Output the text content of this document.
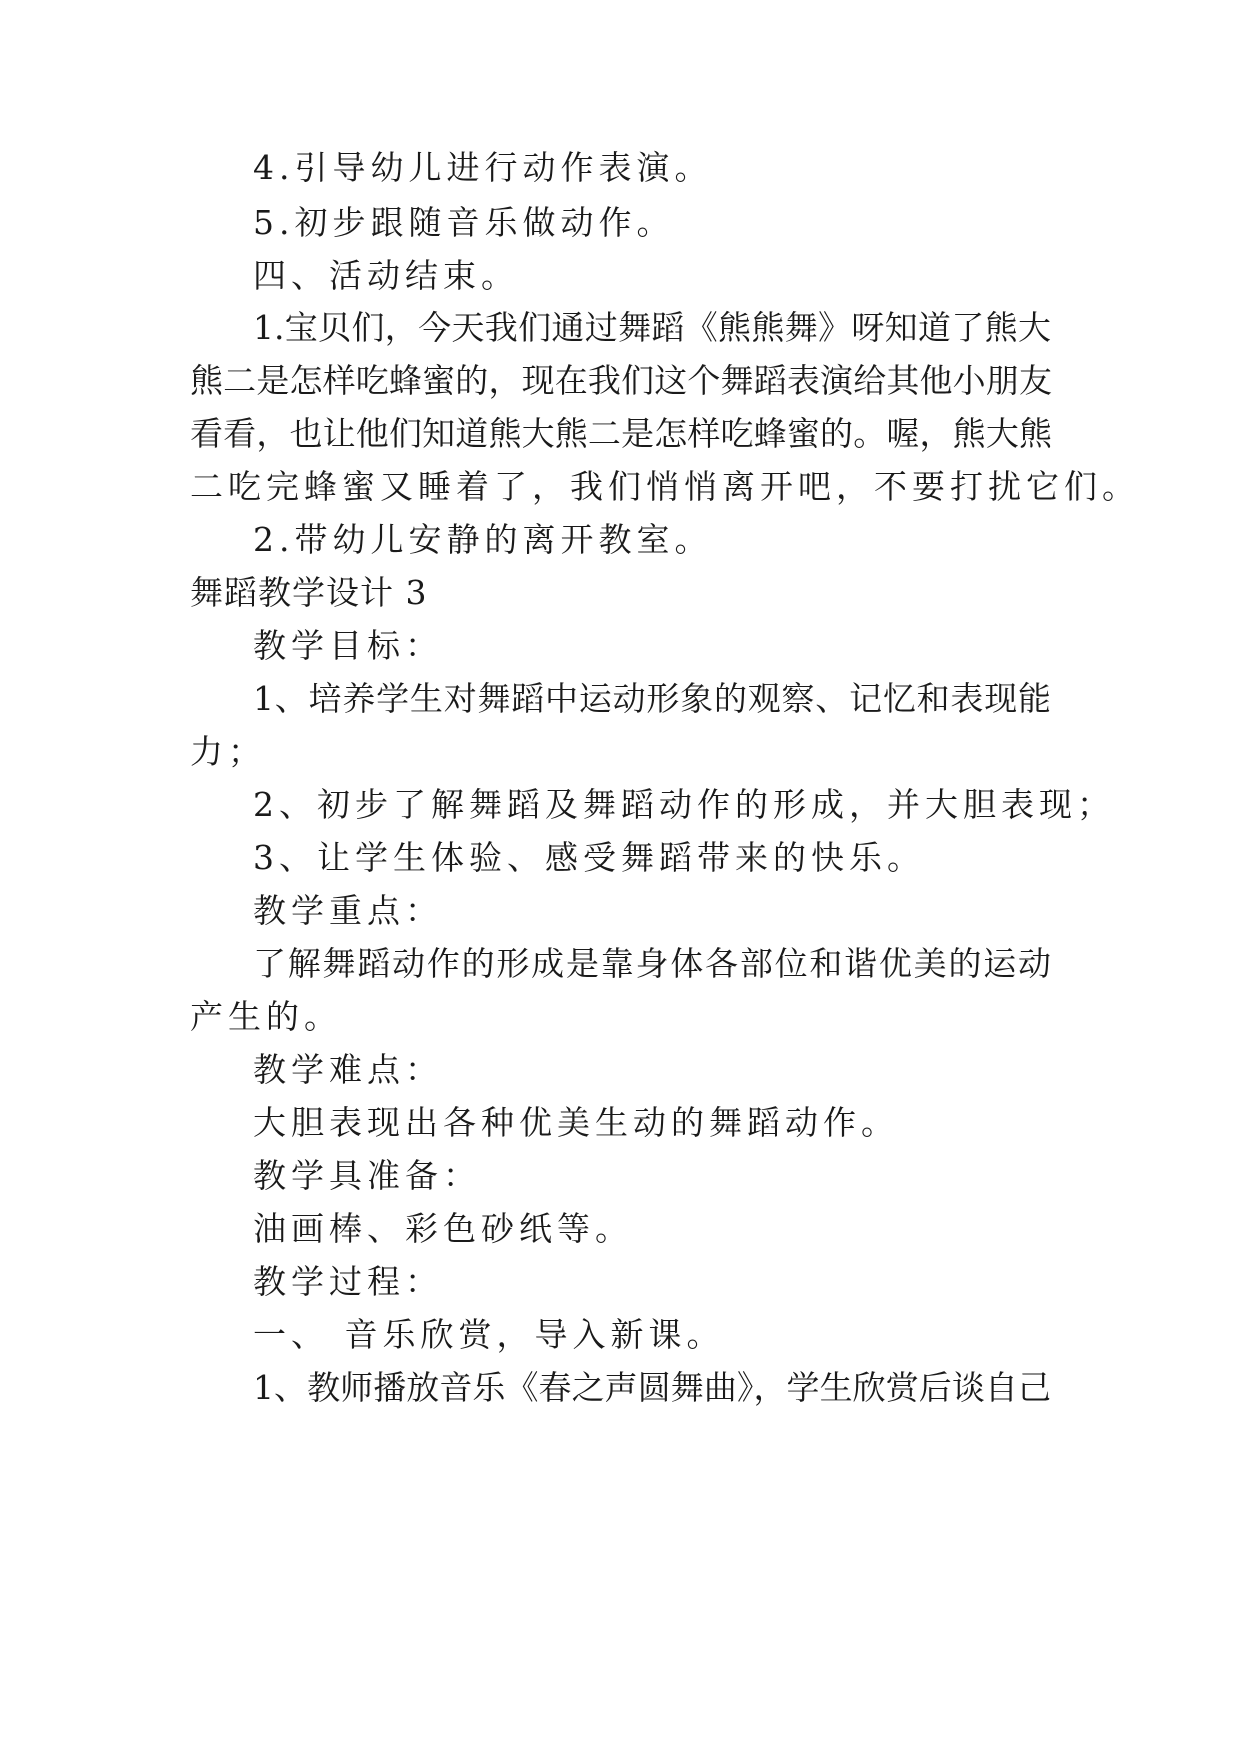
4.引导幼儿进行动作表演。

5.初步跟随音乐做动作。

四、活动结束。

1.宝贝们，今天我们通过舞蹈《熊熊舞》呀知道了熊大

熊二是怎样吃蜂蜜的，现在我们这个舞蹈表演给其他小朋友

看看，也让他们知道熊大熊二是怎样吃蜂蜜的。喔，熊大熊

二吃完蜂蜜又睡着了，我们悄悄离开吧，不要打扰它们。

2.带幼儿安静的离开教室。

舞蹈教学设计 3

教学目标：

1、培养学生对舞蹈中运动形象的观察、记忆和表现能

力；

2、初步了解舞蹈及舞蹈动作的形成，并大胆表现；

3、让学生体验、感受舞蹈带来的快乐。

教学重点：

了解舞蹈动作的形成是靠身体各部位和谐优美的运动

产生的。

教学难点：

大胆表现出各种优美生动的舞蹈动作。

教学具准备：

油画棒、彩色砂纸等。

教学过程：

一、 音乐欣赏，导入新课。

1、教师播放音乐《春之声圆舞曲》，学生欣赏后谈自己
